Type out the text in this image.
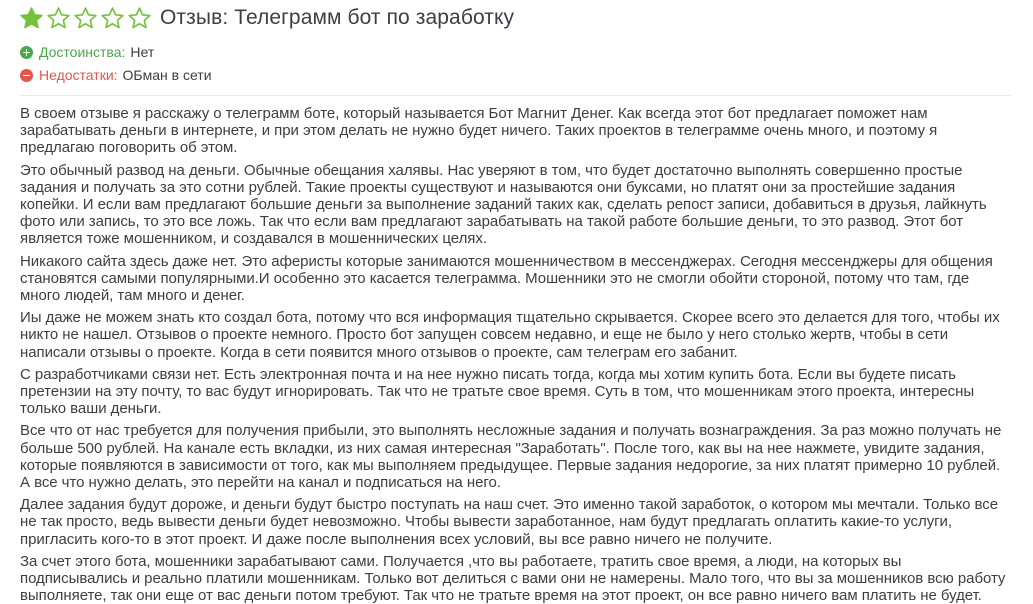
Отзыв: Телеграмм бот по заработку
Достоинства: Нет
Недостатки: ОБман в сети

В своем отзыве я расскажу о телеграмм боте, который называется Бот Магнит Денег. Как всегда этот бот предлагает поможет нам зарабатывать деньги в интернете, и при этом делать не нужно будет ничего. Таких проектов в телеграмме очень много, и поэтому я предлагаю поговорить об этом.

Это обычный развод на деньги. Обычные обещания халявы. Нас уверяют в том, что будет достаточно выполнять совершенно простые задания и получать за это сотни рублей. Такие проекты существуют и называются они буксами, но платят они за простейшие задания копейки. И если вам предлагают большие деньги за выполнение заданий таких как, сделать репост записи, добавиться в друзья, лайкнуть фото или запись, то это все ложь. Так что если вам предлагают зарабатывать на такой работе большие деньги, то это развод. Этот бот является тоже мошенником, и создавался в мошеннических целях.

Никакого сайта здесь даже нет. Это аферисты которые занимаются мошенничеством в мессенджерах. Сегодня мессенджеры для общения становятся самыми популярными.И особенно это касается телеграмма. Мошенники это не смогли обойти стороной, потому что там, где много людей, там много и денег.

Иы даже не можем знать кто создал бота, потому что вся информация тщательно скрывается. Скорее всего это делается для того, чтобы их никто не нашел. Отзывов о проекте немного. Просто бот запущен совсем недавно, и еще не было у него столько жертв, чтобы в сети написали отзывы о проекте. Когда в сети появится много отзывов о проекте, сам телеграм его забанит.

С разработчиками связи нет. Есть электронная почта и на нее нужно писать тогда, когда мы хотим купить бота. Если вы будете писать претензии на эту почту, то вас будут игнорировать. Так что не тратьте свое время. Суть в том, что мошенникам этого проекта, интересны только ваши деньги.

Все что от нас требуется для получения прибыли, это выполнять несложные задания и получать вознаграждения. За раз можно получать не больше 500 рублей. На канале есть вкладки, из них самая интересная "Заработать". После того, как вы на нее нажмете, увидите задания, которые появляются в зависимости от того, как мы выполняем предыдущее. Первые задания недорогие, за них платят примерно 10 рублей. А все что нужно делать, это перейти на канал и подписаться на него.

Далее задания будут дороже, и деньги будут быстро поступать на наш счет. Это именно такой заработок, о котором мы мечтали. Только все не так просто, ведь вывести деньги будет невозможно. Чтобы вывести заработанное, нам будут предлагать оплатить какие-то услуги, пригласить кого-то в этот проект. И даже после выполнения всех условий, вы все равно ничего не получите.

За счет этого бота, мошенники зарабатывают сами. Получается ,что вы работаете, тратить свое время, а люди, на которых вы подписывались и реально платили мошенникам. Только вот делиться с вами они не намерены. Мало того, что вы за мошенников всю работу выполняете, так они еще от вас деньги потом требуют. Так что не тратьте время на этот проект, он все равно ничего вам платить не будет.
